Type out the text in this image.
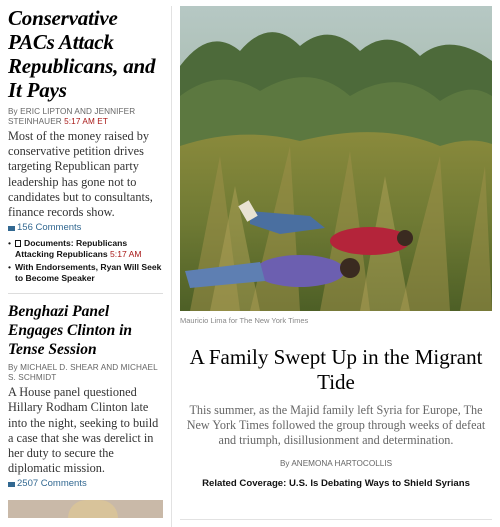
Conservative PACs Attack Republicans, and It Pays
By ERIC LIPTON AND JENNIFER STEINHAUER 5:17 AM ET

Most of the money raised by conservative petition drives targeting Republican party leadership has gone not to candidates but to consultants, finance records show.

156 Comments
• Documents: Republicans Attacking Republicans 5:17 AM
• With Endorsements, Ryan Will Seek to Become Speaker
Benghazi Panel Engages Clinton in Tense Session
By MICHAEL D. SHEAR AND MICHAEL S. SCHMIDT

A House panel questioned Hillary Rodham Clinton late into the night, seeking to build a case that she was derelict in her duty to secure the diplomatic mission.

2507 Comments
Mauricio Lima for The New York Times
A Family Swept Up in the Migrant Tide

This summer, as the Majid family left Syria for Europe, The New York Times followed the group through weeks of defeat and triumph, disillusionment and determination.

By ANEMONA HARTOCOLLIS
Related Coverage: U.S. Is Debating Ways to Shield Syrians
